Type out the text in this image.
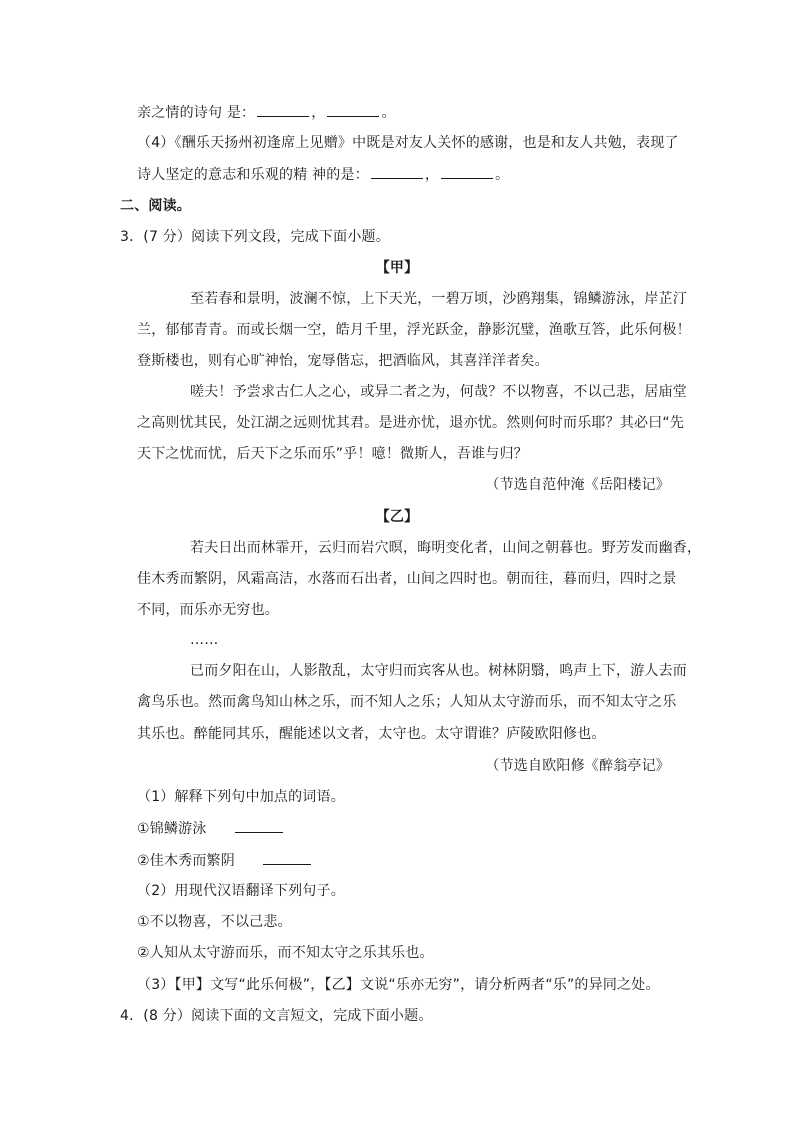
亲之情的诗句 是：	，	。
（4）《酬乐天扬州初逢席上见赠》中既是对友人关怀的感谢，也是和友人共勉，表现了
诗人坚定的意志和乐观的精 神的是：	，	。
二、阅读。
3．(7 分）阅读下列文段，完成下面小题。
【甲】
至若春和景明，波澜不惊，上下天光，一碧万顷，沙鸥翔集，锦鳞游泳，岸芷汀
兰，郁郁青青。而或长烟一空，皓月千里，浮光跃金，静影沉璧，渔歌互答，此乐何极！
登斯楼也，则有心旷神怡，宠辱偕忘，把酒临风，其喜洋洋者矣。
嗟夫！予尝求古仁人之心，或异二者之为，何哉？不以物喜，不以己悲，居庙堂
之高则忧其民，处江湖之远则忧其君。是进亦忧，退亦忧。然则何时而乐耶？其必曰“先
天下之忧而忧，后天下之乐而乐”乎！噫！微斯人，吾谁与归？
（节选自范仲淹《岳阳楼记》
【乙】
若夫日出而林霏开，云归而岩穴暝，晦明变化者，山间之朝暮也。野芳发而幽香，
佳木秀而繁阴，风霜高洁，水落而石出者，山间之四时也。朝而往，暮而归，四时之景
不同，而乐亦无穷也。
……
已而夕阳在山，人影散乱，太守归而宾客从也。树林阴翳，鸣声上下，游人去而
禽鸟乐也。然而禽鸟知山林之乐，而不知人之乐；人知从太守游而乐，而不知太守之乐
其乐也。醉能同其乐，醒能述以文者，太守也。太守谓谁？庐陵欧阳修也。
（节选自欧阳修《醉翁亭记》
（1）解释下列句中加点的词语。
①锦鳞游泳
②佳木秀而繁阴
（2）用现代汉语翻译下列句子。
①不以物喜，不以己悲。
②人知从太守游而乐，而不知太守之乐其乐也。
（3）【甲】文写“此乐何极”，【乙】文说“乐亦无穷”，请分析两者“乐”的异同之处。
4．(8 分）阅读下面的文言短文，完成下面小题。
